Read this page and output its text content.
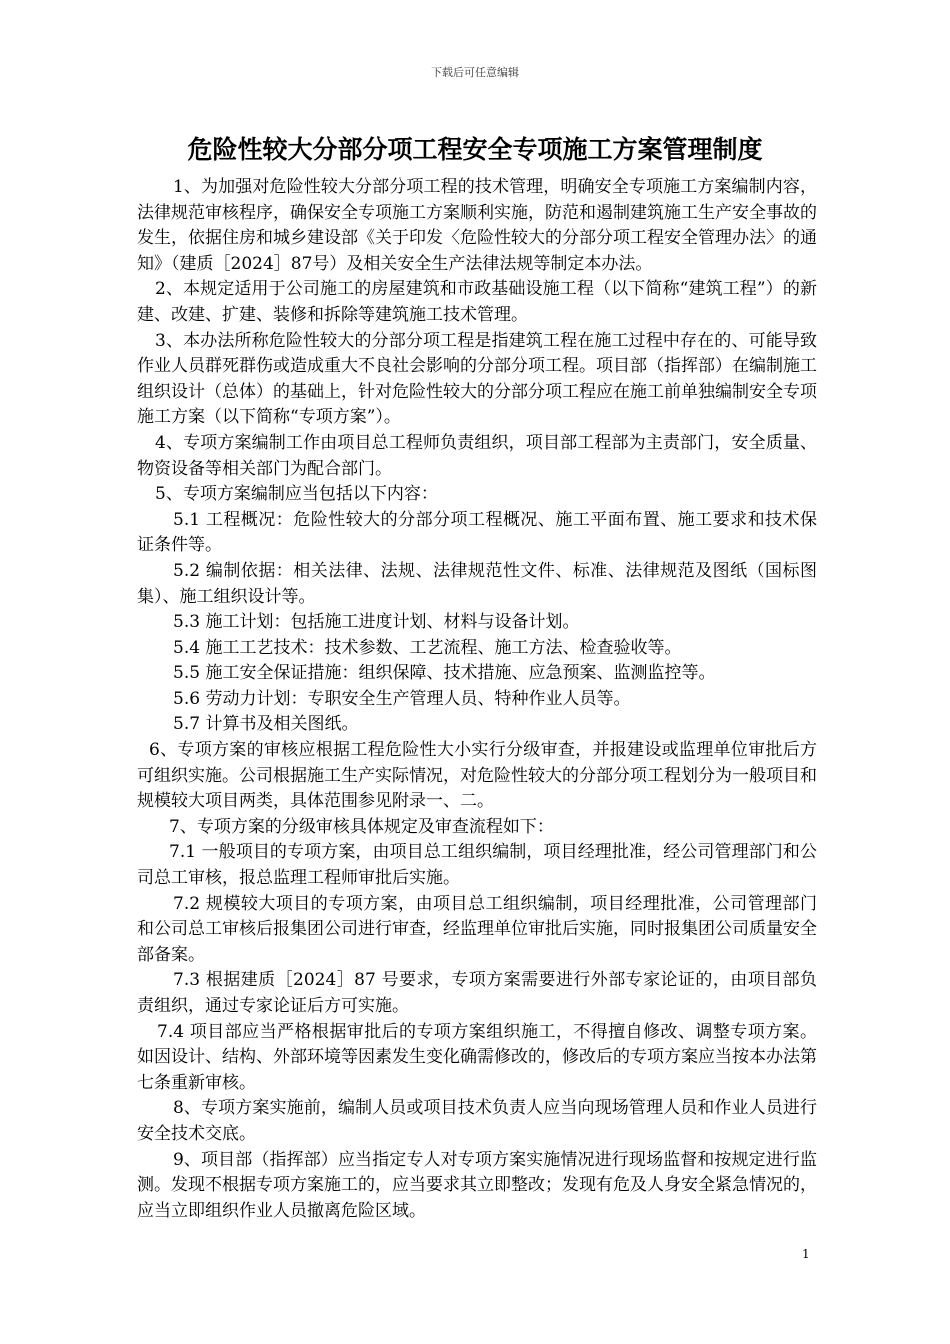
下载后可任意编辑
危险性较大分部分项工程安全专项施工方案管理制度

1、为加强对危险性较大分部分项工程的技术管理，明确安全专项施工方案编制内容，法律规范审核程序，确保安全专项施工方案顺利实施，防范和遏制建筑施工生产安全事故的发生，依据住房和城乡建设部《关于印发〈危险性较大的分部分项工程安全管理办法〉的通知》（建质［2024］87号）及相关安全生产法律法规等制定本办法。

2、本规定适用于公司施工的房屋建筑和市政基础设施工程（以下简称“建筑工程”）的新建、改建、扩建、装修和拆除等建筑施工技术管理。

3、本办法所称危险性较大的分部分项工程是指建筑工程在施工过程中存在的、可能导致作业人员群死群伤或造成重大不良社会影响的分部分项工程。项目部（指挥部）在编制施工组织设计（总体）的基础上，针对危险性较大的分部分项工程应在施工前单独编制安全专项施工方案（以下简称“专项方案”）。

4、专项方案编制工作由项目总工程师负责组织，项目部工程部为主责部门，安全质量、物资设备等相关部门为配合部门。

5、专项方案编制应当包括以下内容：

5.1 工程概况：危险性较大的分部分项工程概况、施工平面布置、施工要求和技术保证条件等。

5.2 编制依据：相关法律、法规、法律规范性文件、标准、法律规范及图纸（国标图集）、施工组织设计等。

5.3 施工计划：包括施工进度计划、材料与设备计划。

5.4 施工工艺技术：技术参数、工艺流程、施工方法、检查验收等。

5.5 施工安全保证措施：组织保障、技术措施、应急预案、监测监控等。

5.6 劳动力计划：专职安全生产管理人员、特种作业人员等。

5.7 计算书及相关图纸。

6、专项方案的审核应根据工程危险性大小实行分级审查，并报建设或监理单位审批后方可组织实施。公司根据施工生产实际情况，对危险性较大的分部分项工程划分为一般项目和规模较大项目两类，具体范围参见附录一、二。

7、专项方案的分级审核具体规定及审查流程如下：

7.1 一般项目的专项方案，由项目总工组织编制，项目经理批准，经公司管理部门和公司总工审核，报总监理工程师审批后实施。

7.2 规模较大项目的专项方案，由项目总工组织编制，项目经理批准，公司管理部门和公司总工审核后报集团公司进行审查，经监理单位审批后实施，同时报集团公司质量安全部备案。

7.3 根据建质［2024］87 号要求，专项方案需要进行外部专家论证的，由项目部负责组织，通过专家论证后方可实施。

7.4 项目部应当严格根据审批后的专项方案组织施工，不得擅自修改、调整专项方案。如因设计、结构、外部环境等因素发生变化确需修改的，修改后的专项方案应当按本办法第七条重新审核。

8、专项方案实施前，编制人员或项目技术负责人应当向现场管理人员和作业人员进行安全技术交底。

9、项目部（指挥部）应当指定专人对专项方案实施情况进行现场监督和按规定进行监测。发现不根据专项方案施工的，应当要求其立即整改；发现有危及人身安全紧急情况的，应当立即组织作业人员撤离危险区域。

1
